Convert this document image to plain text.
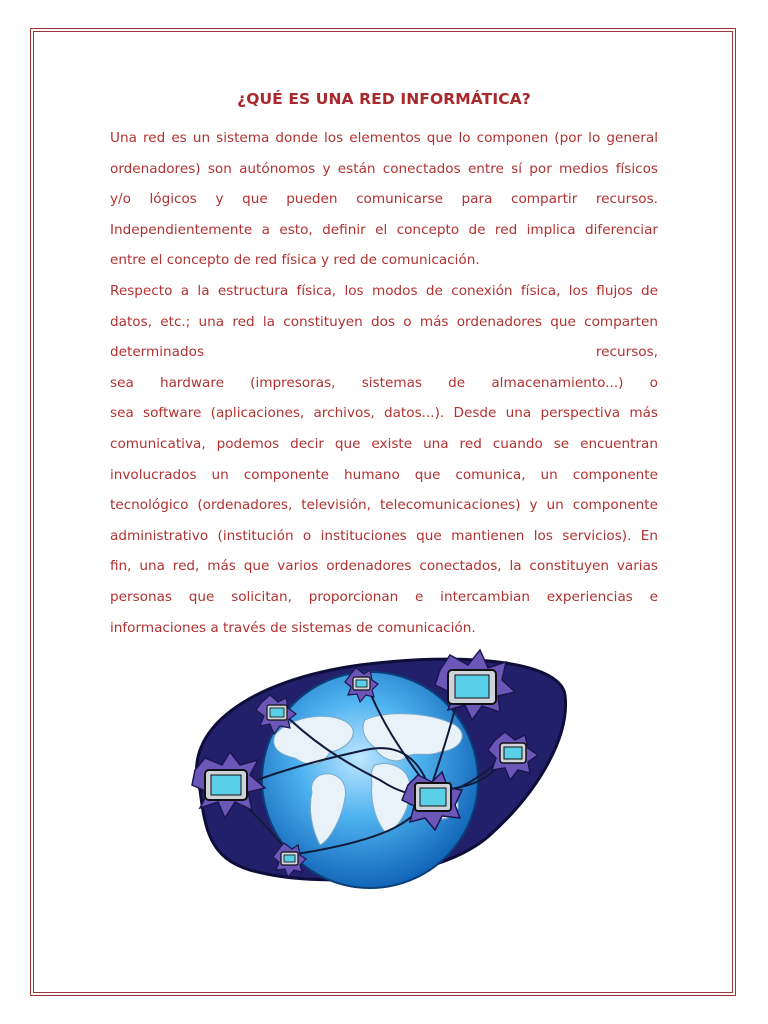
¿QUÉ ES UNA RED INFORMÁTICA?
Una red es un sistema donde los elementos que lo componen (por lo general
ordenadores) son autónomos y están conectados entre sí por medios físicos
y/o lógicos y que pueden comunicarse para compartir recursos.
Independientemente a esto, definir el concepto de red implica diferenciar
entre el concepto de red física y red de comunicación.
Respecto a la estructura física, los modos de conexión física, los flujos de
datos, etc.; una red la constituyen dos o más ordenadores que comparten
determinados recursos,
sea hardware (impresoras, sistemas de almacenamiento...) o
sea software (aplicaciones, archivos, datos...). Desde una perspectiva más
comunicativa, podemos decir que existe una red cuando se encuentran
involucrados un componente humano que comunica, un componente
tecnológico (ordenadores, televisión, telecomunicaciones) y un componente
administrativo (institución o instituciones que mantienen los servicios). En
fin, una red, más que varios ordenadores conectados, la constituyen varias
personas que solicitan, proporcionan e intercambian experiencias e
informaciones a través de sistemas de comunicación.
